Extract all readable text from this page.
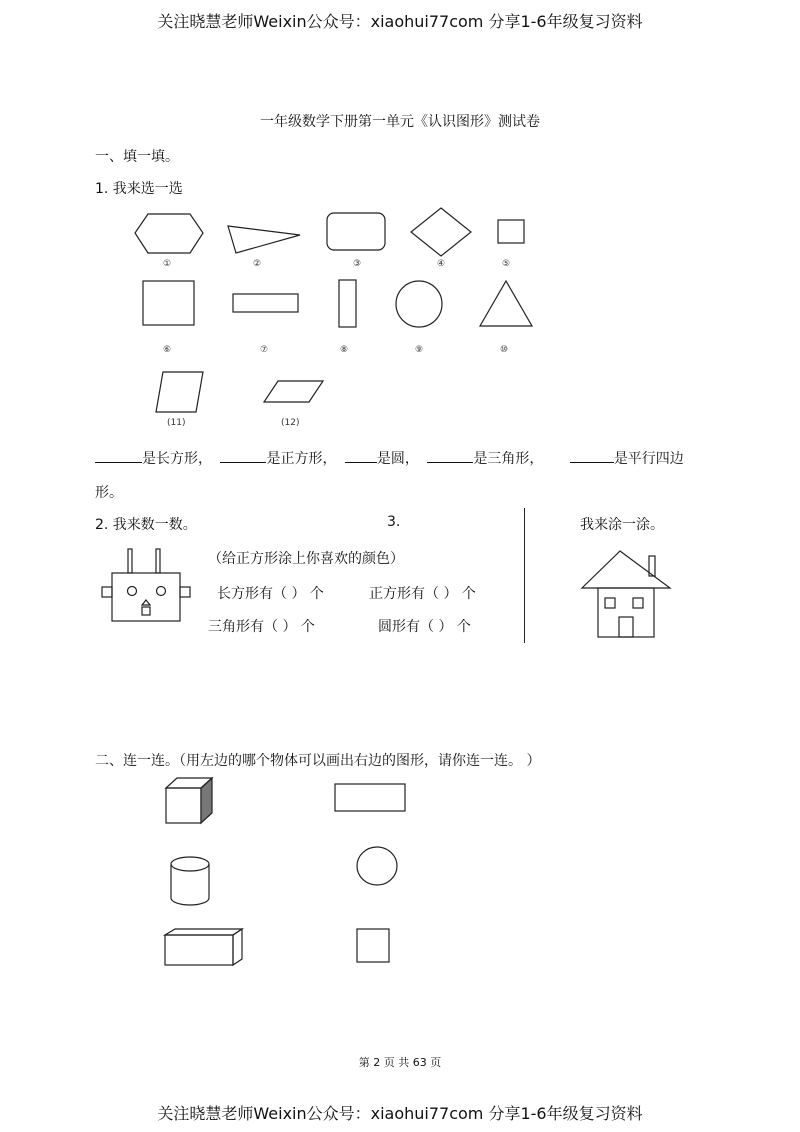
关注晓慧老师Weixin公众号：xiaohui77com 分享1-6年级复习资料
一年级数学下册第一单元《认识图形》测试卷
一、填一填。
1. 我来选一选
①	②	③	④	⑤
⑥	⑦	⑧	⑨	⑩
(11)	(12)
是长方形，	是正方形，	是圆，	是三角形，	是平行四边
形。
2. 我来数一数。	3.	我来涂一涂。
（给正方形涂上你喜欢的颜色）
长方形有（ ） 个	正方形有（ ） 个
三角形有（ ） 个	圆形有（ ） 个
二、连一连。（用左边的哪个物体可以画出右边的图形，请你连一连。 ）
第 2 页 共 63 页
关注晓慧老师Weixin公众号：xiaohui77com 分享1-6年级复习资料
